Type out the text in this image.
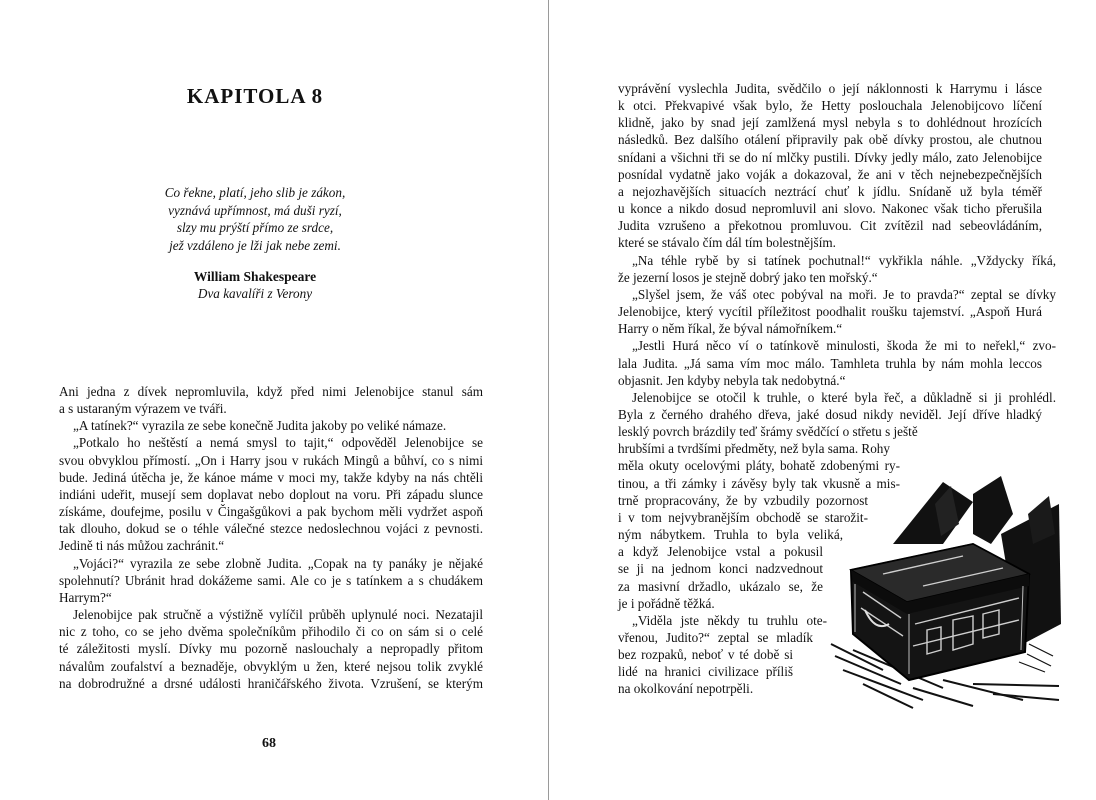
KAPITOLA 8
Co řekne, platí, jeho slib je zákon,
vyznává upřímnost, má duši ryzí,
slzy mu prýští přímo ze srdce,
jež vzdáleno je lži jak nebe zemi.
William Shakespeare
Dva kavalíři z Verony
Ani jedna z dívek nepromluvila, když před nimi Jelenobijce stanul sám
a s ustaraným výrazem ve tváři.
„A tatínek?“ vyrazila ze sebe konečně Judita jakoby po veliké námaze.
„Potkalo ho neštěstí a nemá smysl to tajit,“ odpověděl Jelenobijce se
svou obvyklou přímostí. „On i Harry jsou v rukách Mingů a bůhví, co s nimi
bude. Jediná útěcha je, že kánoe máme v moci my, takže kdyby na nás chtěli
indiáni udeřit, musejí sem doplavat nebo doplout na voru. Při západu slunce
získáme, doufejme, posilu v Čingašgůkovi a pak bychom měli vydržet aspoň
tak dlouho, dokud se o téhle válečné stezce nedoslechnou vojáci z pevnosti.
Jedině ti nás můžou zachránit.“
„Vojáci?“ vyrazila ze sebe zlobně Judita. „Copak na ty panáky je nějaké
spolehnutí? Ubránit hrad dokážeme sami. Ale co je s tatínkem a s chudákem
Harrym?“
Jelenobijce pak stručně a výstižně vylíčil průběh uplynulé noci. Nezatajil
nic z toho, co se jeho dvěma společníkům přihodilo či co on sám si o celé
té záležitosti myslí. Dívky mu pozorně naslouchaly a nepropadly přitom
návalům zoufalství a beznaděje, obvyklým u žen, které nejsou tolik zvyklé
na dobrodružné a drsné události hraničářského života. Vzrušení, se kterým
68
vyprávění vyslechla Judita, svědčilo o její náklonnosti k Harrymu i lásce
k otci. Překvapivé však bylo, že Hetty poslouchala Jelenobijcovo líčení
klidně, jako by snad její zamlžená mysl nebyla s to dohlédnout hrozících
následků. Bez dalšího otálení připravily pak obě dívky prostou, ale chutnou
snídani a všichni tři se do ní mlčky pustili. Dívky jedly málo, zato Jelenobijce
posnídal vydatně jako voják a dokazoval, že ani v těch nejnebezpečnějších
a nejozhavějších situacích neztrácí chuť k jídlu. Snídaně už byla téměř
u konce a nikdo dosud nepromluvil ani slovo. Nakonec však ticho přerušila
Judita vzrušeno a překotnou promluvou. Cit zvítězil nad sebeovládáním,
které se stávalo čím dál tím bolestnějším.
„Na téhle rybě by si tatínek pochutnal!“ vykřikla náhle. „Vždycky říká,
že jezerní losos je stejně dobrý jako ten mořský.“
„Slyšel jsem, že váš otec pobýval na moři. Je to pravda?“ zeptal se dívky
Jelenobijce, který vycítil příležitost poodhalit roušku tajemství. „Aspoň Hurá
Harry o něm říkal, že býval námořníkem.“
„Jestli Hurá něco ví o tatínkově minulosti, škoda že mi to neřekl,“ zvo-
lala Judita. „Já sama vím moc málo. Tamhleta truhla by nám mohla leccos
objasnit. Jen kdyby nebyla tak nedobytná.“
Jelenobijce se otočil k truhle, o které byla řeč, a důkladně si ji prohlédl.
Byla z černého drahého dřeva, jaké dosud nikdy neviděl. Její dříve hladký
lesklý povrch brázdily teď šrámy svědčící o střetu s ještě
hrubšími a tvrdšími předměty, než byla sama. Rohy
měla okuty ocelovými pláty, bohatě zdobenými ry-
tinou, a tři zámky i závěsy byly tak vkusně a mis-
trně propracovány, že by vzbudily pozornost
i v tom nejvybranějším obchodě se starožit-
ným nábytkem. Truhla to byla veliká,
a když Jelenobijce vstal a pokusil
se ji na jednom konci nadzvednout
za masivní držadlo, ukázalo se, že
je i pořádně těžká.
„Viděla jste někdy tu truhlu ote-
vřenou, Judito?“ zeptal se mladík
bez rozpaků, neboť v té době si
lidé na hranici civilizace příliš
na okolkování nepotrpěli.
